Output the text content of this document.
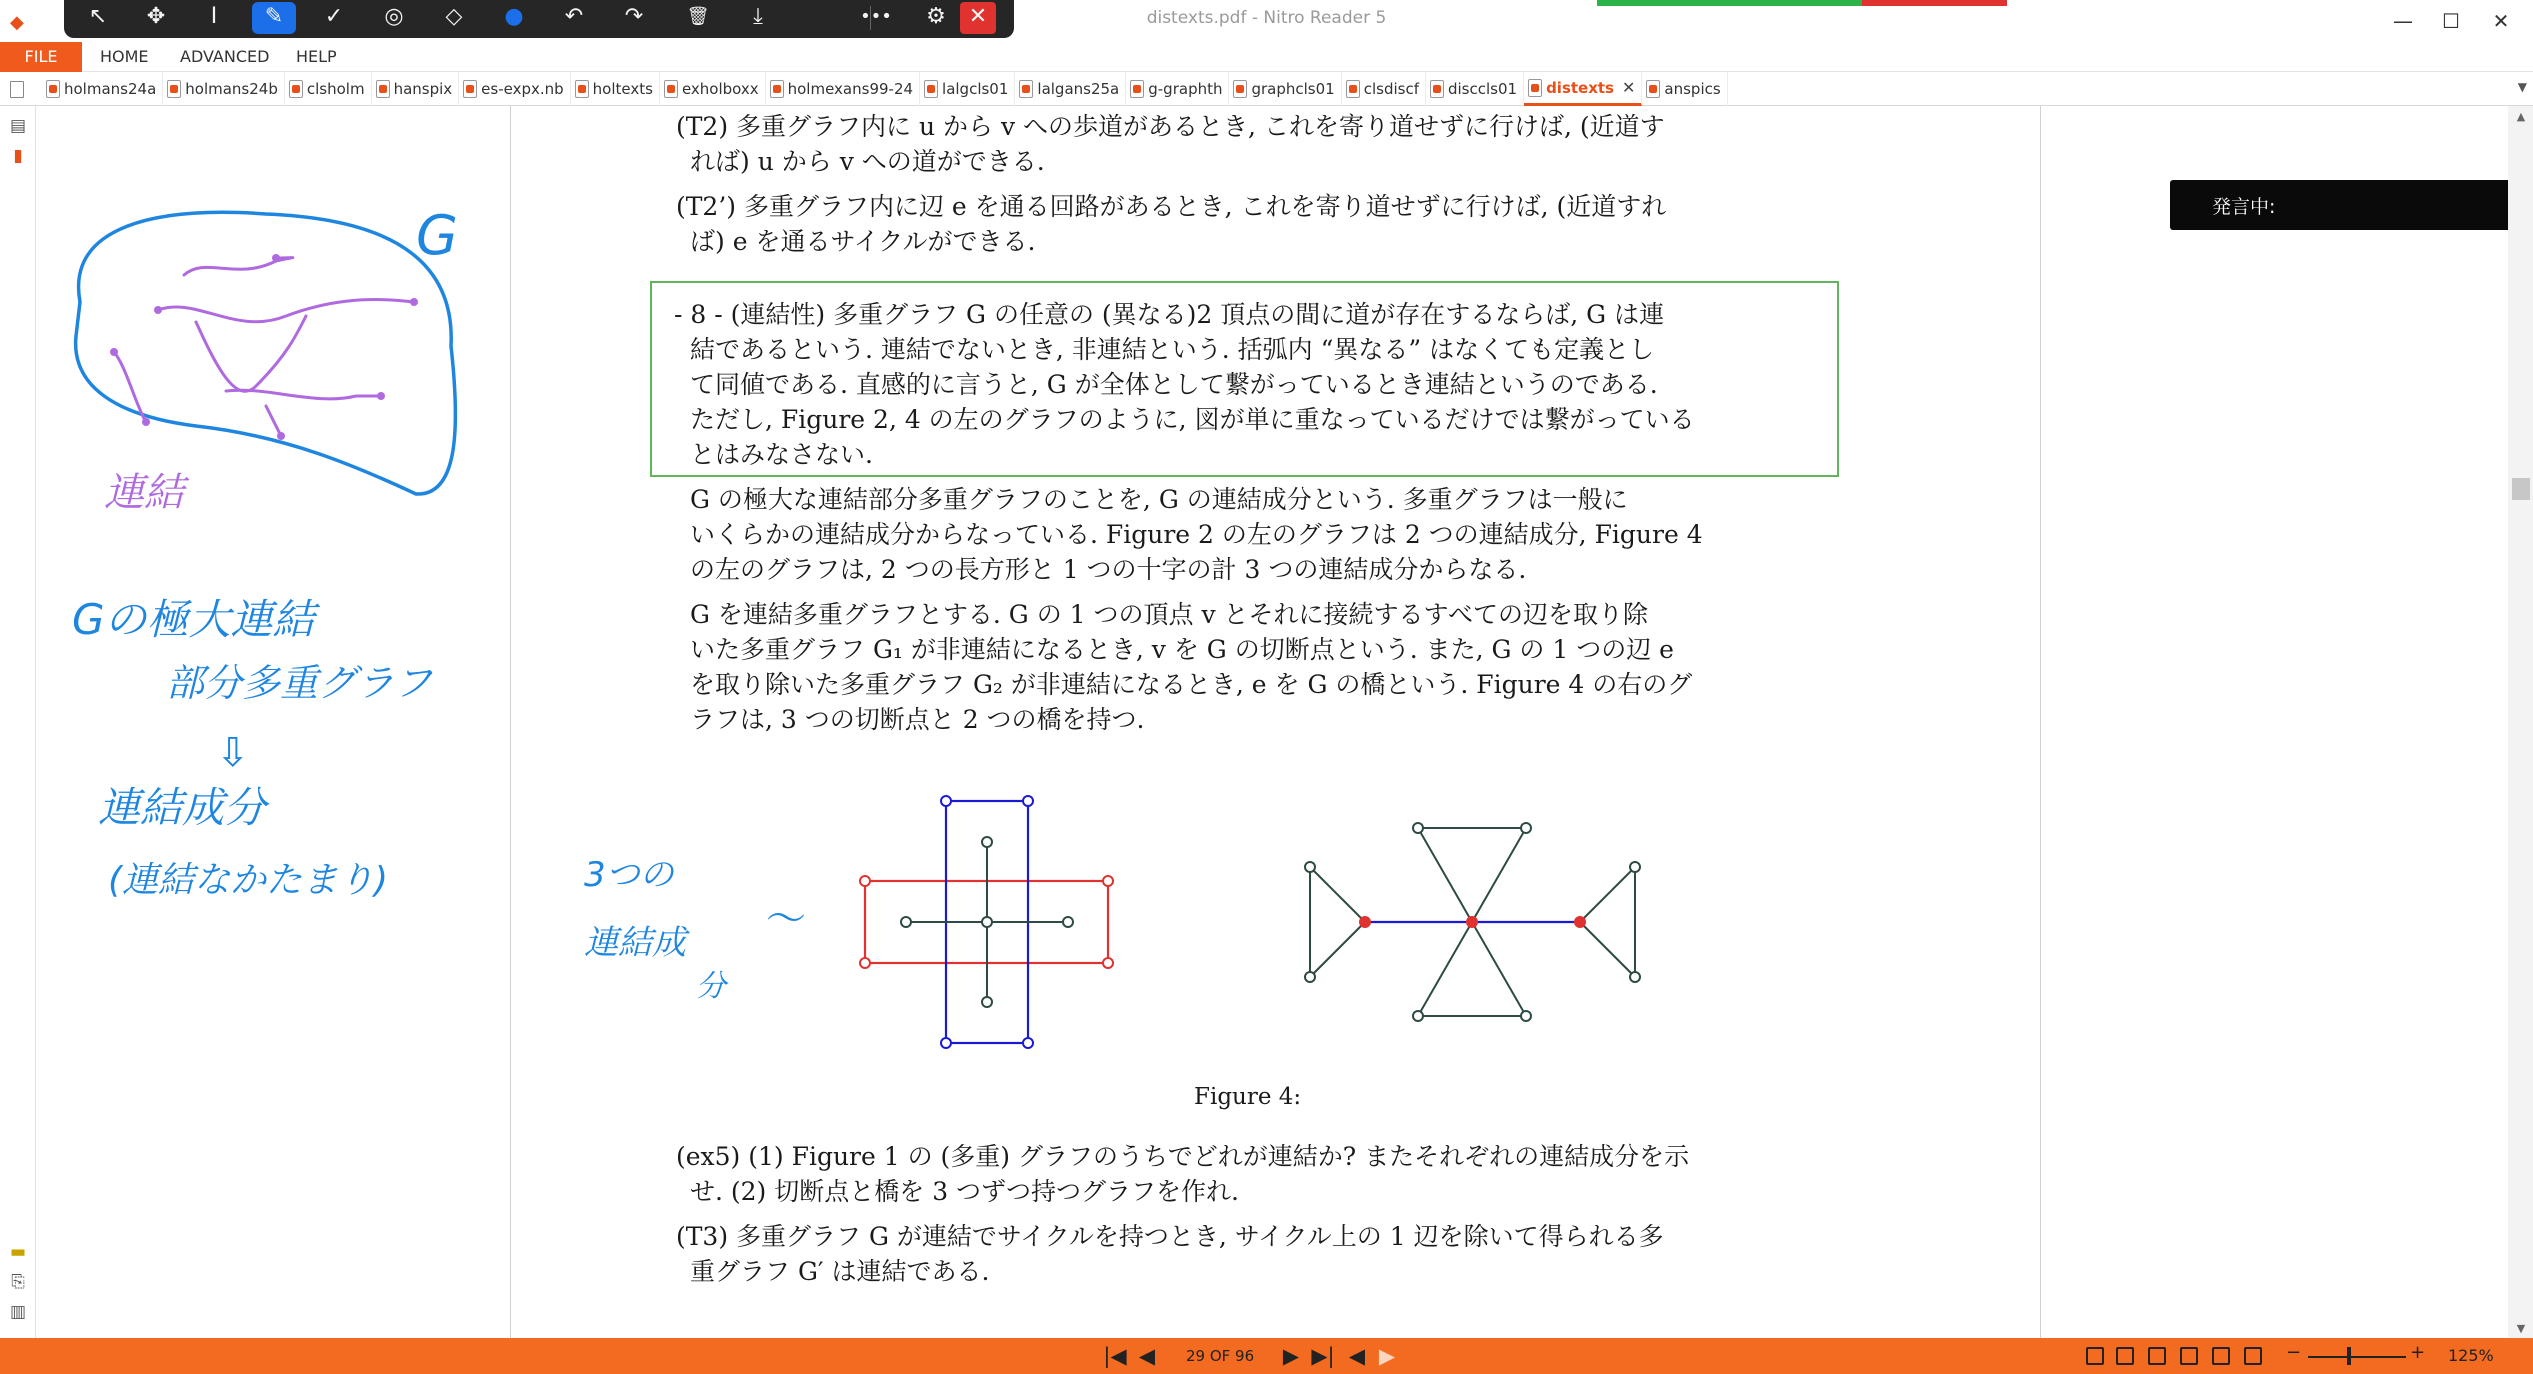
◆	distexts.pdf - Nitro Reader 5	—	☐	✕
↖	✥	I	✎	✓	◎	◇	●	↶	↷	🗑	⤓	•••	⚙	✕
FILE	HOME ADVANCED HELP
holmans24a holmans24b clsholm hanspix es-expx.nb holtexts exholboxx holmexans99-24 lalgcls01 lalgans25a g-graphth graphcls01 clsdiscf disccls01 distexts ✕ anspics	▼
▤
▮
▬
⎘
▥
(T2) 多重グラフ内に u から v への歩道があるとき, これを寄り道せずに行けば, (近道す
れば) u から v への道ができる.
(T2’) 多重グラフ内に辺 e を通る回路があるとき, これを寄り道せずに行けば, (近道すれ
ば) e を通るサイクルができる.
- 8 - (連結性) 多重グラフ G の任意の (異なる)2 頂点の間に道が存在するならば, G は連
結であるという. 連結でないとき, 非連結という. 括弧内 “異なる” はなくても定義とし
て同値である. 直感的に言うと, G が全体として繋がっているとき連結というのである.
ただし, Figure 2, 4 の左のグラフのように, 図が単に重なっているだけでは繋がっている
とはみなさない.
G の極大な連結部分多重グラフのことを, G の連結成分という. 多重グラフは一般に
いくらかの連結成分からなっている. Figure 2 の左のグラフは 2 つの連結成分, Figure 4
の左のグラフは, 2 つの長方形と 1 つの十字の計 3 つの連結成分からなる.
G を連結多重グラフとする. G の 1 つの頂点 v とそれに接続するすべての辺を取り除
いた多重グラフ G₁ が非連結になるとき, v を G の切断点という. また, G の 1 つの辺 e
を取り除いた多重グラフ G₂ が非連結になるとき, e を G の橋という. Figure 4 の右のグ
ラフは, 3 つの切断点と 2 つの橋を持つ.
Figure 4:
(ex5) (1) Figure 1 の (多重) グラフのうちでどれが連結か? またそれぞれの連結成分を示
せ. (2) 切断点と橋を 3 つずつ持つグラフを作れ.
(T3) 多重グラフ G が連結でサイクルを持つとき, サイクル上の 1 辺を除いて得られる多
重グラフ G′ は連結である.
G
連結
Gの極大連結
部分多重グラフ
⇩
連結成分
(連結なかたまり)	3つの
連結成
分
〜
発言中:
▲
▼
|◀ ◀	29 OF 96 ▶ ▶| ◀ ▶	−	+ 125%
